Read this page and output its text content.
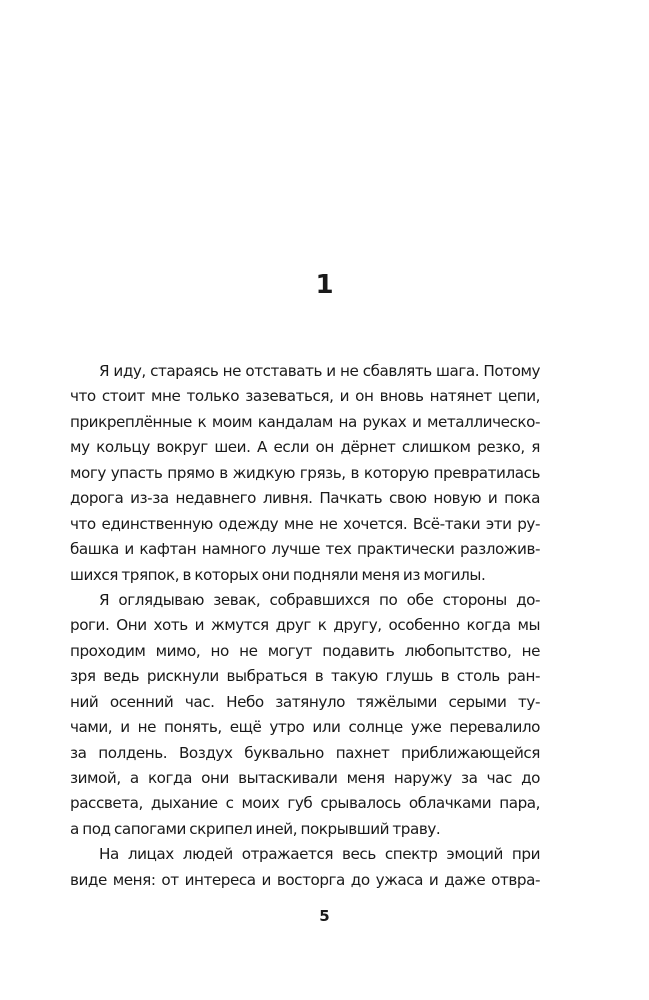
1
Я иду, стараясь не отставать и не сбавлять шага. Потому
что стоит мне только зазеваться, и он вновь натянет цепи,
прикреплённые к моим кандалам на руках и металлическо-
му кольцу вокруг шеи. А если он дёрнет слишком резко, я
могу упасть прямо в жидкую грязь, в которую превратилась
дорога из-за недавнего ливня. Пачкать свою новую и пока
что единственную одежду мне не хочется. Всё-таки эти ру-
башка и кафтан намного лучше тех практически разложив-
шихся тряпок, в которых они подняли меня из могилы.
Я оглядываю зевак, собравшихся по обе стороны до-
роги. Они хоть и жмутся друг к другу, особенно когда мы
проходим мимо, но не могут подавить любопытство, не
зря ведь рискнули выбраться в такую глушь в столь ран-
ний осенний час. Небо затянуло тяжёлыми серыми ту-
чами, и не понять, ещё утро или солнце уже перевалило
за полдень. Воздух буквально пахнет приближающейся
зимой, а когда они вытаскивали меня наружу за час до
рассвета, дыхание с моих губ срывалось облачками пара,
а под сапогами скрипел иней, покрывший траву.
На лицах людей отражается весь спектр эмоций при
виде меня: от интереса и восторга до ужаса и даже отвра-
5
